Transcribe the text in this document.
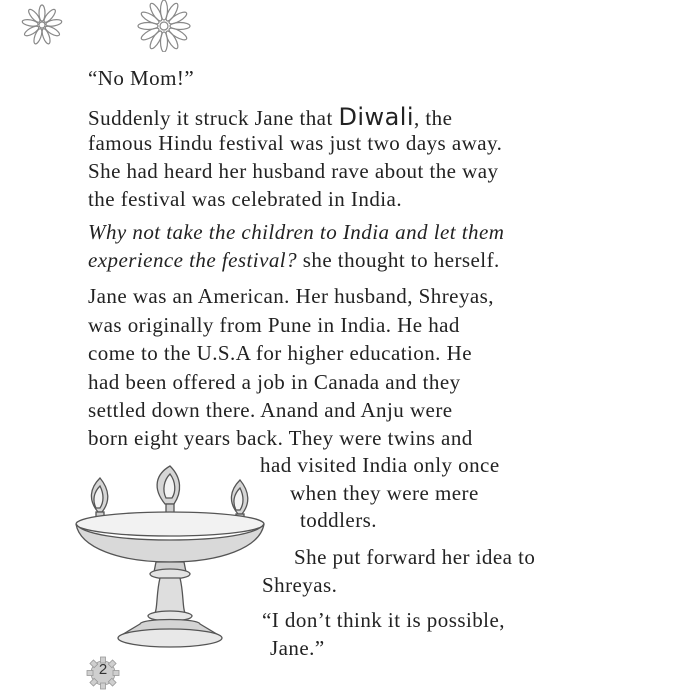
“No Mom!”
Suddenly it struck Jane that Diwali, the
famous Hindu festival was just two days away.
She had heard her husband rave about the way
the festival was celebrated in India.
Why not take the children to India and let them
experience the festival? she thought to herself.
Jane was an American. Her husband, Shreyas,
was originally from Pune in India. He had
come to the U.S.A for higher education. He
had been offered a job in Canada and they
settled down there. Anand and Anju were
born eight years back. They were twins and
had visited India only once
when they were mere
toddlers.
She put forward her idea to
Shreyas.
“I don’t think it is possible,
Jane.”
2
